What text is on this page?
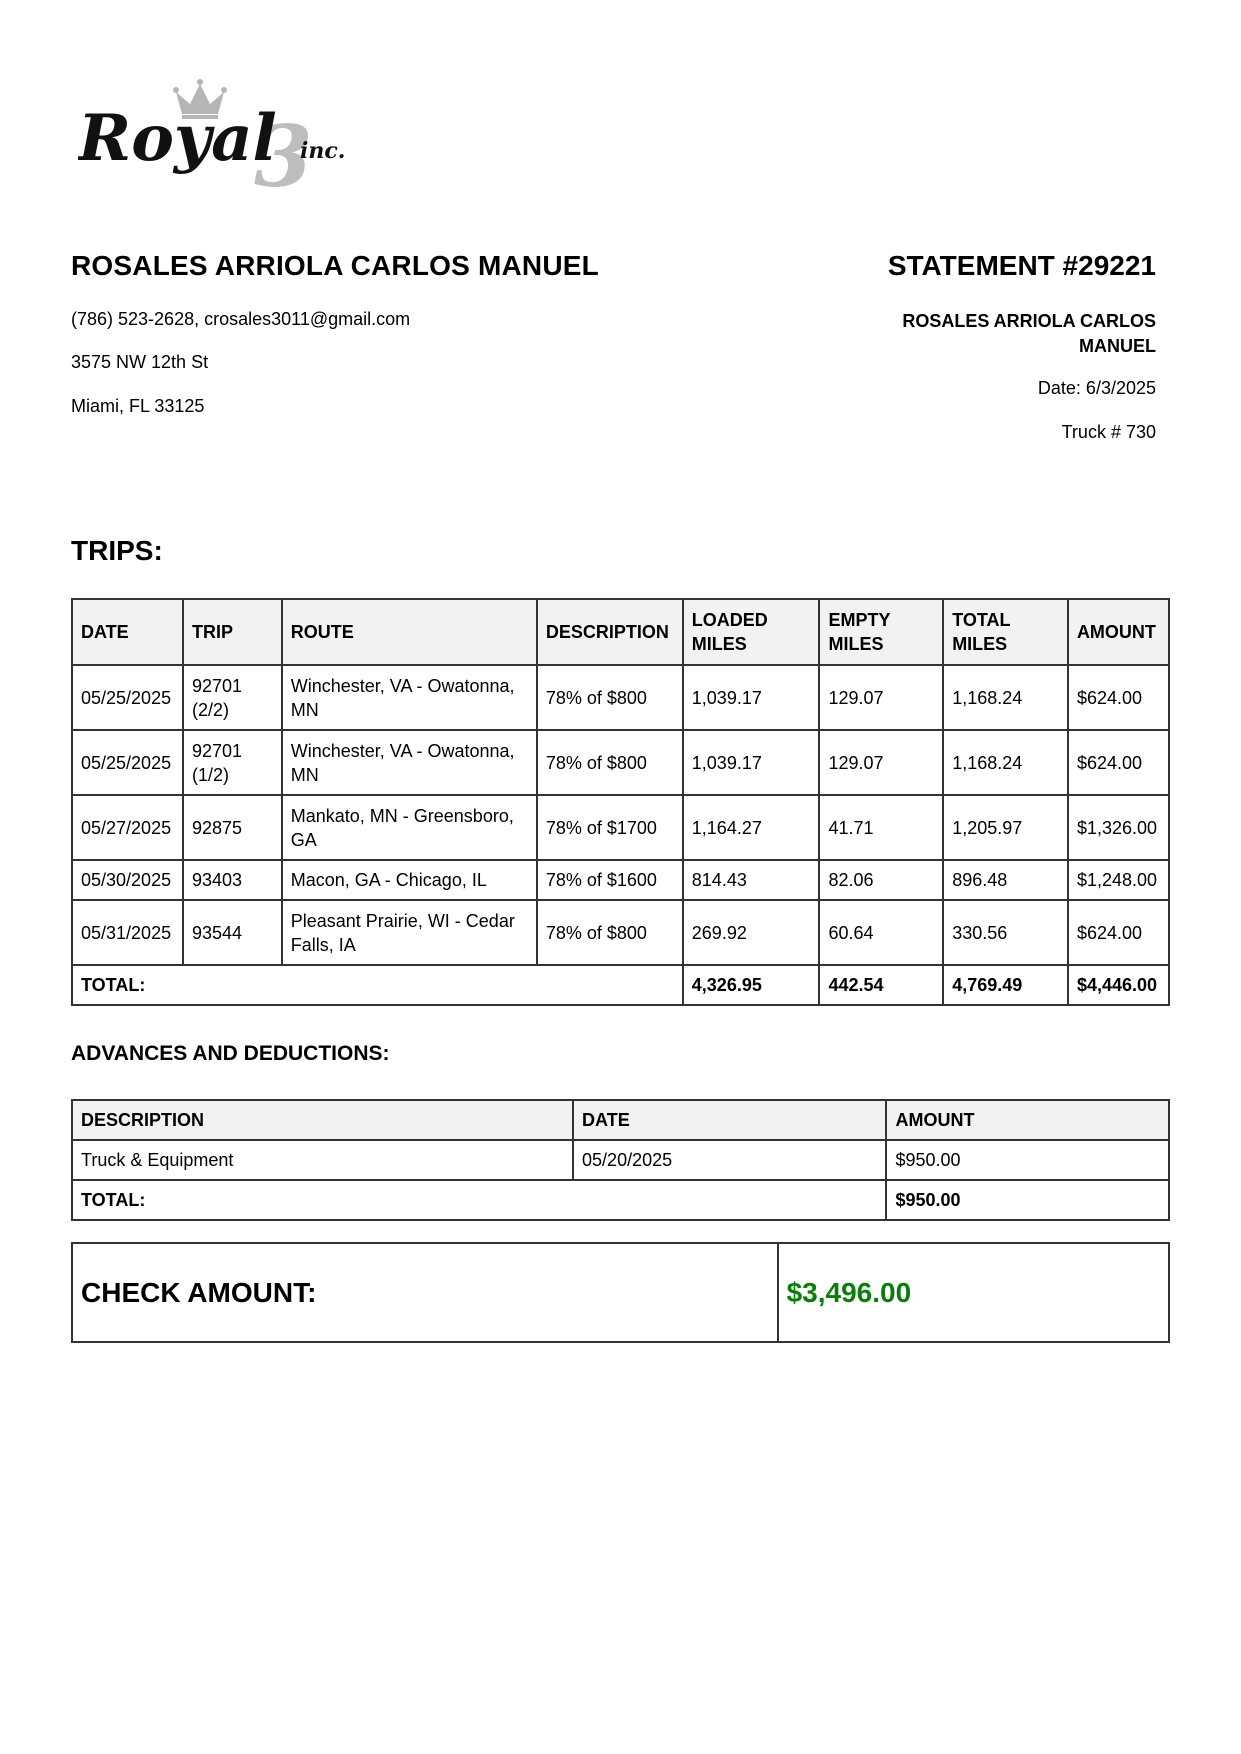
3
Royal inc.
ROSALES ARRIOLA CARLOS MANUEL
(786) 523-2628, crosales3011@gmail.com
3575 NW 12th St
Miami, FL 33125
STATEMENT #29221
ROSALES ARRIOLA CARLOS MANUEL
Date: 6/3/2025
Truck # 730
TRIPS:
DATE	TRIP	ROUTE	DESCRIPTION	LOADED MILES	EMPTY MILES	TOTAL MILES	AMOUNT
05/25/2025	92701 (2/2)	Winchester, VA - Owatonna, MN	78% of $800	1,039.17	129.07	1,168.24	$624.00
05/25/2025	92701 (1/2)	Winchester, VA - Owatonna, MN	78% of $800	1,039.17	129.07	1,168.24	$624.00
05/27/2025	92875	Mankato, MN - Greensboro, GA	78% of $1700	1,164.27	41.71	1,205.97	$1,326.00
05/30/2025	93403	Macon, GA - Chicago, IL	78% of $1600	814.43	82.06	896.48	$1,248.00
05/31/2025	93544	Pleasant Prairie, WI - Cedar Falls, IA	78% of $800	269.92	60.64	330.56	$624.00
TOTAL:				4,326.95	442.54	4,769.49	$4,446.00
ADVANCES AND DEDUCTIONS:
DESCRIPTION	DATE	AMOUNT
Truck & Equipment	05/20/2025	$950.00
TOTAL:		$950.00
CHECK AMOUNT:	$3,496.00
